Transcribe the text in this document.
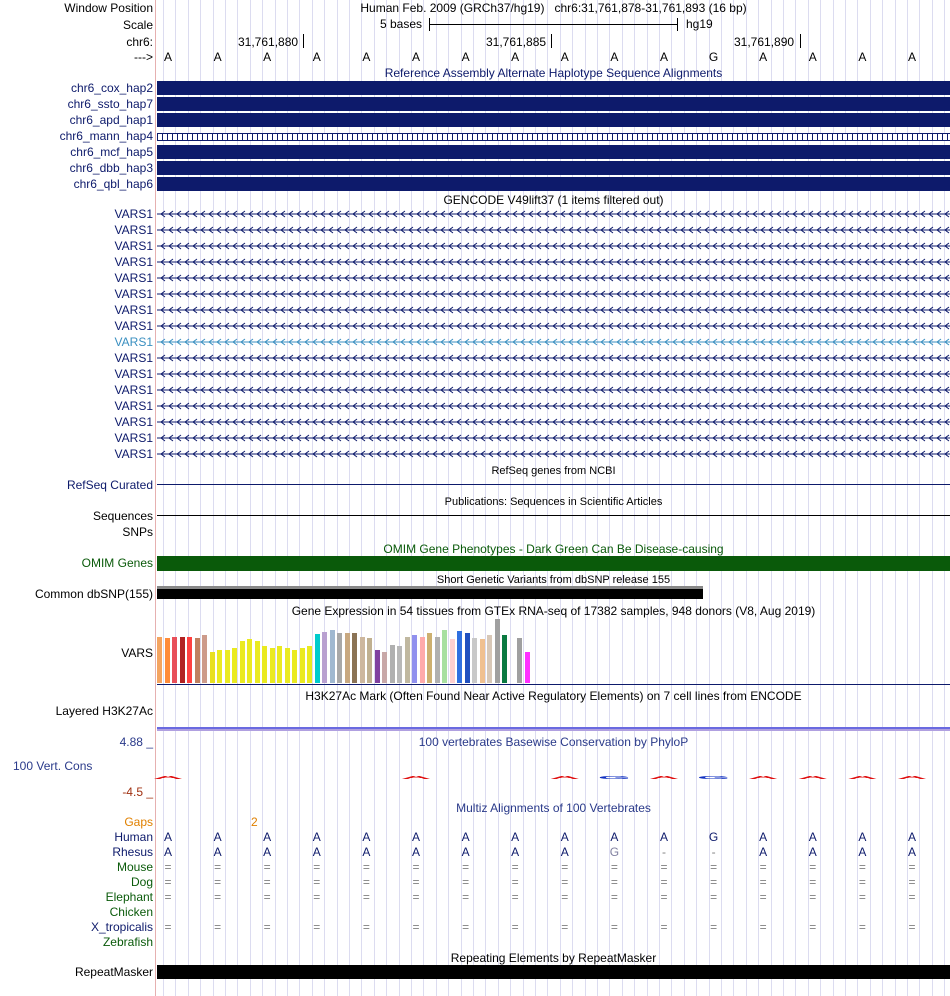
Window Position	Human Feb. 2009 (GRCh37/hg19)   chr6:31,761,878-31,761,893 (16 bp)
Scale	5 bases	hg19
chr6:	31,761,880	31,761,885	31,761,890
---> A	A	A	A	A	A	A	A	A	A	A	G	A	A	A	A
Reference Assembly Alternate Haplotype Sequence Alignments
chr6_cox_hap2
chr6_ssto_hap7
chr6_apd_hap1
chr6_mann_hap4
chr6_mcf_hap5
chr6_dbb_hap3
chr6_qbl_hap6
GENCODE V49lift37 (1 items filtered out)
VARS1
VARS1
VARS1
VARS1
VARS1
VARS1
VARS1
VARS1
VARS1
VARS1
VARS1
VARS1
VARS1
VARS1
VARS1
VARS1
RefSeq genes from NCBI
RefSeq Curated
Publications: Sequences in Scientific Articles
Sequences
SNPs
OMIM Gene Phenotypes - Dark Green Can Be Disease-causing
OMIM Genes
Short Genetic Variants from dbSNP release 155
Common dbSNP(155)
Gene Expression in 54 tissues from GTEx RNA-seq of 17382 samples, 948 donors (V8, Aug 2019)
VARS
H3K27Ac Mark (Often Found Near Active Regulatory Elements) on 7 cell lines from ENCODE
Layered H3K27Ac
4.88 _	100 vertebrates Basewise Conservation by PhyloP
100 Vert. Cons
-4.5 _
A	A	A G A G A A A A
Multiz Alignments of 100 Vertebrates
Gaps	2
Human A	A	A	A	A	A	A	A	A	A	A	G	A	A	A	A
Rhesus A	A	A	A	A	A	A	A	A	G	-	-	A	A	A	A
Mouse =	=	=	=	=	=	=	=	=	=	=	=	=	=	=	=
Dog =	=	=	=	=	=	=	=	=	=	=	=	=	=	=	=
Elephant =	=	=	=	=	=	=	=	=	=	=	=	=	=	=	=
Chicken
X_tropicalis =	=	=	=	=	=	=	=	=	=	=	=	=	=	=	=
Zebrafish
Repeating Elements by RepeatMasker
RepeatMasker
